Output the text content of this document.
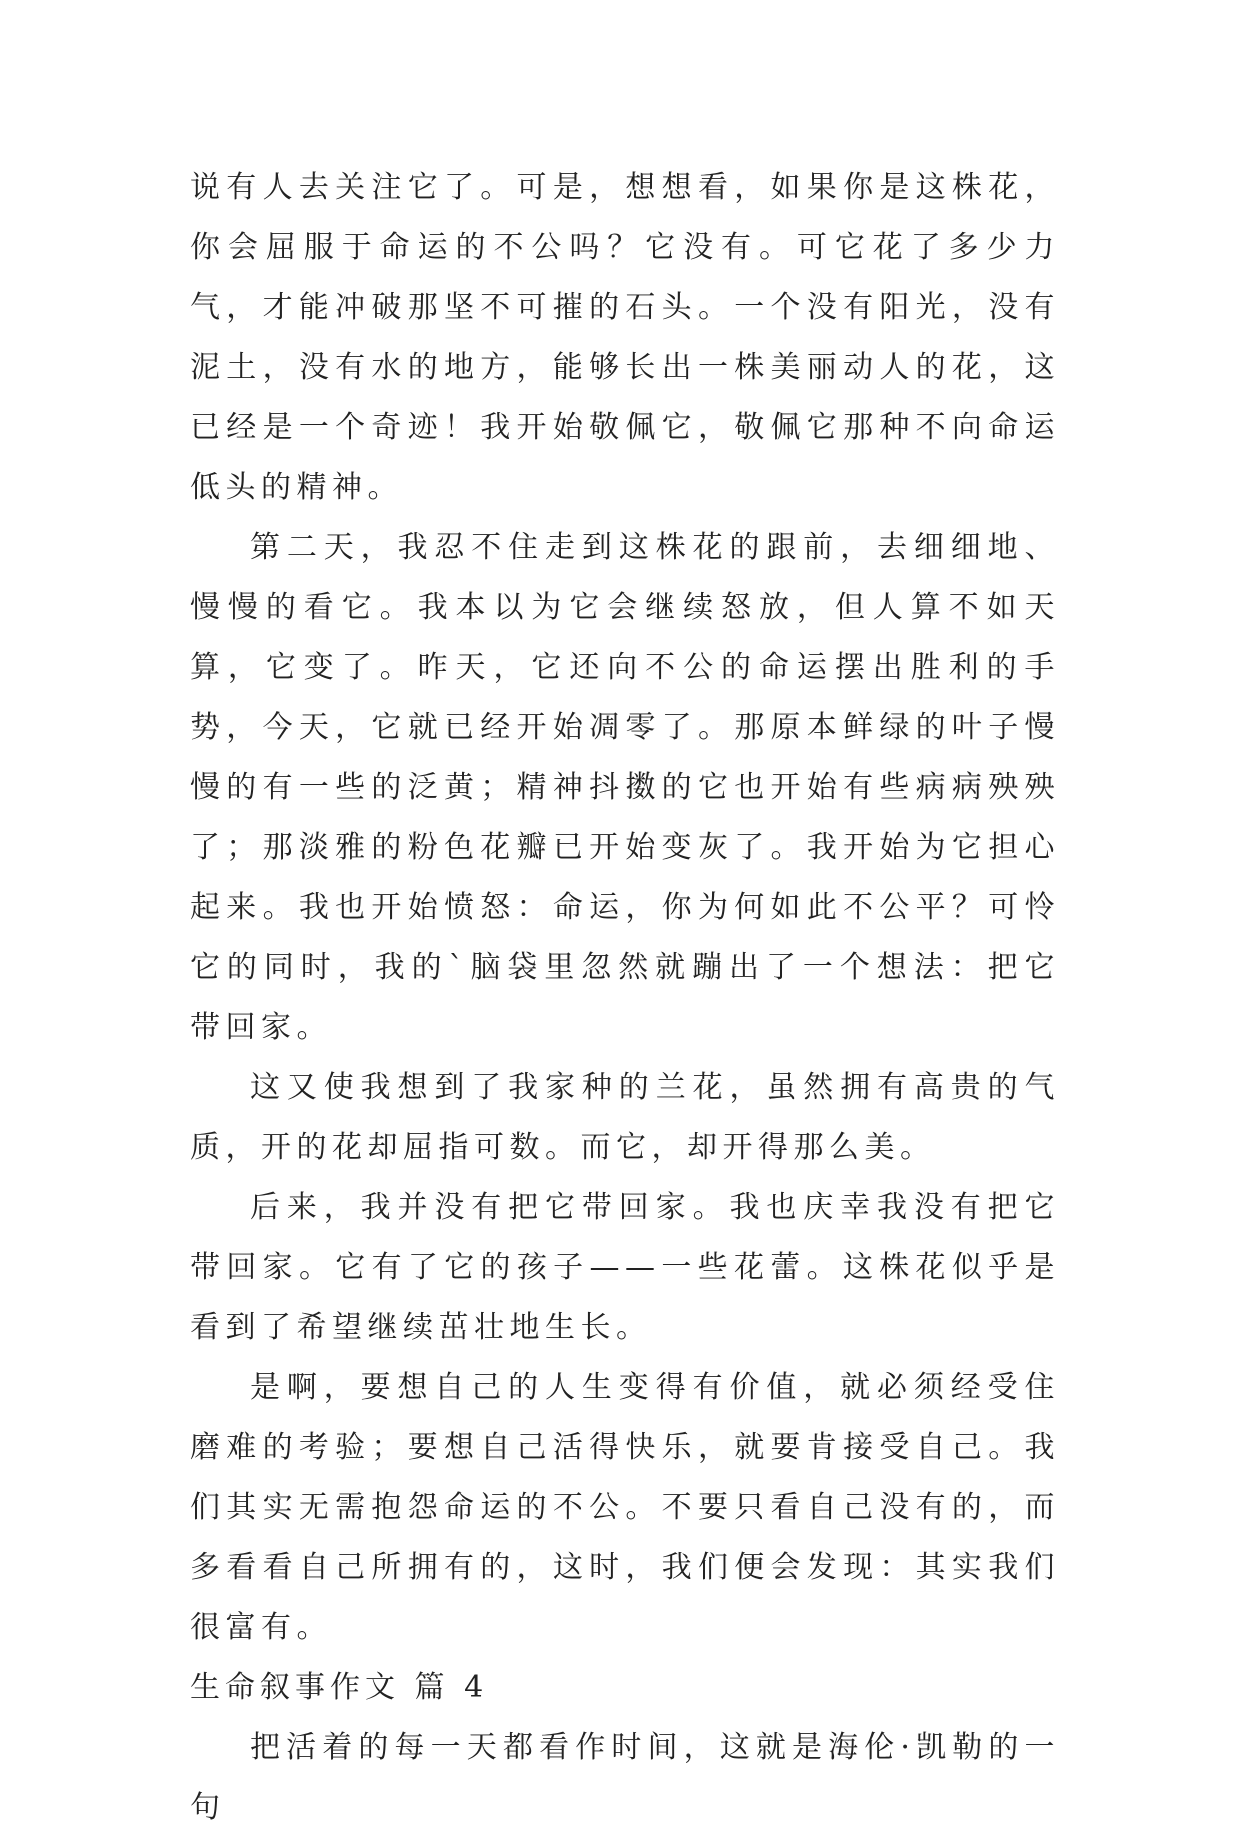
说有人去关注它了。可是，想想看，如果你是这株花，你会屈服于命运的不公吗？它没有。可它花了多少力气，才能冲破那坚不可摧的石头。一个没有阳光，没有泥土，没有水的地方，能够长出一株美丽动人的花，这已经是一个奇迹！我开始敬佩它，敬佩它那种不向命运低头的精神。

第二天，我忍不住走到这株花的跟前，去细细地、慢慢的看它。我本以为它会继续怒放，但人算不如天算，它变了。昨天，它还向不公的命运摆出胜利的手势，今天，它就已经开始凋零了。那原本鲜绿的叶子慢慢的有一些的泛黄；精神抖擞的它也开始有些病病殃殃了；那淡雅的粉色花瓣已开始变灰了。我开始为它担心起来。我也开始愤怒：命运，你为何如此不公平？可怜它的同时，我的`脑袋里忽然就蹦出了一个想法：把它带回家。

这又使我想到了我家种的兰花，虽然拥有高贵的气质，开的花却屈指可数。而它，却开得那么美。

后来，我并没有把它带回家。我也庆幸我没有把它带回家。它有了它的孩子——一些花蕾。这株花似乎是看到了希望继续茁壮地生长。

是啊，要想自己的人生变得有价值，就必须经受住磨难的考验；要想自己活得快乐，就要肯接受自己。我们其实无需抱怨命运的不公。不要只看自己没有的，而多看看自己所拥有的，这时，我们便会发现：其实我们很富有。

生命叙事作文 篇 4

把活着的每一天都看作时间，这就是海伦·凯勒的一句
